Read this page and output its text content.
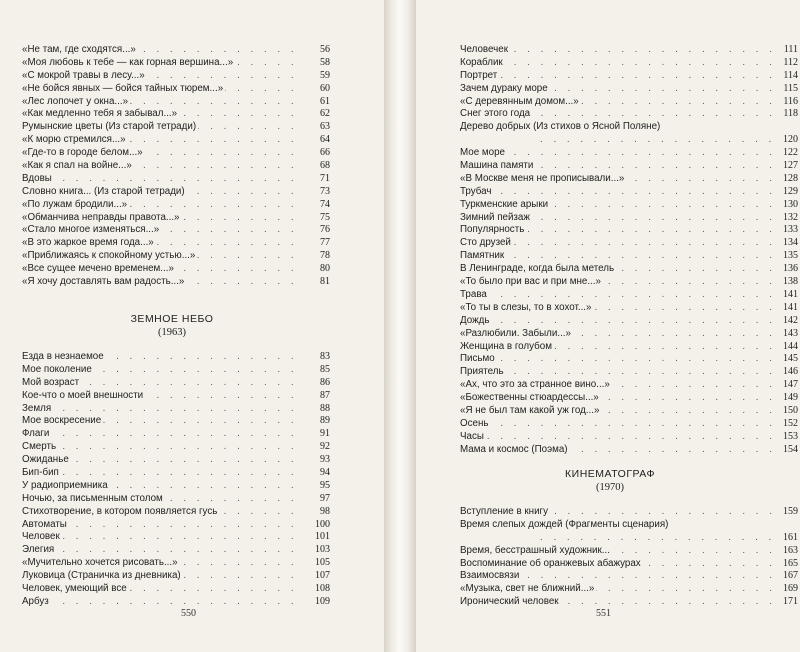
. . .
«Не там, где сходятся...»	56
. . .
«Моя любовь к тебе — как горная вершина...»	58
. . .
«С мокрой травы в лесу...»	59
. . .
«Не бойся явных — бойся тайных тюрем...»	60
. . .
«Лес лопочет у окна...»	61
. . .
«Как медленно тебя я забывал...»	62
. . .
Румынские цветы (Из старой тетради)	63
. . .
«К морю стремился...»	64
. . .
«Где-то в городе белом...»	66
. . .
«Как я спал на войне...»	68
. . .
Вдовы	71
. . .
Словно книга... (Из старой тетради)	73
. . .
«По лужам бродили...»	74
. . .
«Обманчива неправды правота...»	75
. . .
«Стало многое изменяться...»	76
. . .
«В это жаркое время года...»	77
. . .
«Приближаясь к спокойному устью...»	78
. . .
«Все сущее мечено временем...»	80
. . .
«Я хочу доставлять вам радость...»	81
ЗЕМНОЕ НЕБО
(1963)
. . .
Езда в незнаемое	83
. . .
Мое поколение	85
. . .
Мой возраст	86
. . .
Кое-что о моей внешности	87
. . .
Земля	88
. . .
Мое воскресение	89
. . .
Флаги	91
. . .
Смерть	92
. . .
Ожиданье	93
. . .
Бип-бип	94
. . .
У радиоприемника	95
. . .
Ночью, за письменным столом	97
. . .
Стихотворение, в котором появляется гусь	98
. . .
Автоматы	100
. . .
Человек	101
. . .
Элегия	103
. . .
«Мучительно хочется рисовать...»	105
. . .
Луковица (Страничка из дневника)	107
. . .
Человек, умеющий все	108
. . .
Арбуз	109
550
. . .
Человечек	111
. . .
Кораблик	112
. . .
Портрет	114
. . .
Зачем дураку море	115
. . .
«С деревянным домом...»	116
. . .
Снег этого года	118
. . .
Дерево добрых (Из стихов о Ясной Поляне)
120
. . .
Мое море	122
. . .
Машина памяти	127
. . .
«В Москве меня не прописывали...»	128
. . .
Трубач	129
. . .
Туркменские арыки	130
. . .
Зимний пейзаж	132
. . .
Популярность	133
. . .
Сто друзей	134
. . .
Памятник	135
. . .
В Ленинграде, когда была метель	136
. . .
«То было при вас и при мне...»	138
. . .
Трава	141
. . .
«То ты в слезы, то в хохот...»	141
. . .
Дождь	142
. . .
«Разлюбили. Забыли...»	143
. . .
Женщина в голубом	144
. . .
Письмо	145
. . .
Приятель	146
. . .
«Ах, что это за странное вино...»	147
. . .
«Божественны стюардессы...»	149
. . .
«Я не был там какой уж год...»	150
. . .
Осень	152
. . .
Часы	153
. . .
Мама и космос (Поэма)	154
КИНЕМАТОГРАФ
(1970)
. . .
Вступление в книгу	159
. . .
Время слепых дождей (Фрагменты сценария)
161
. . .
Время, бесстрашный художник...	163
. . .
Воспоминание об оранжевых абажурах	165
. . .
Взаимосвязи	167
. . .
«Музыка, свет не ближний...»	169
. . .
Иронический человек	171
551
